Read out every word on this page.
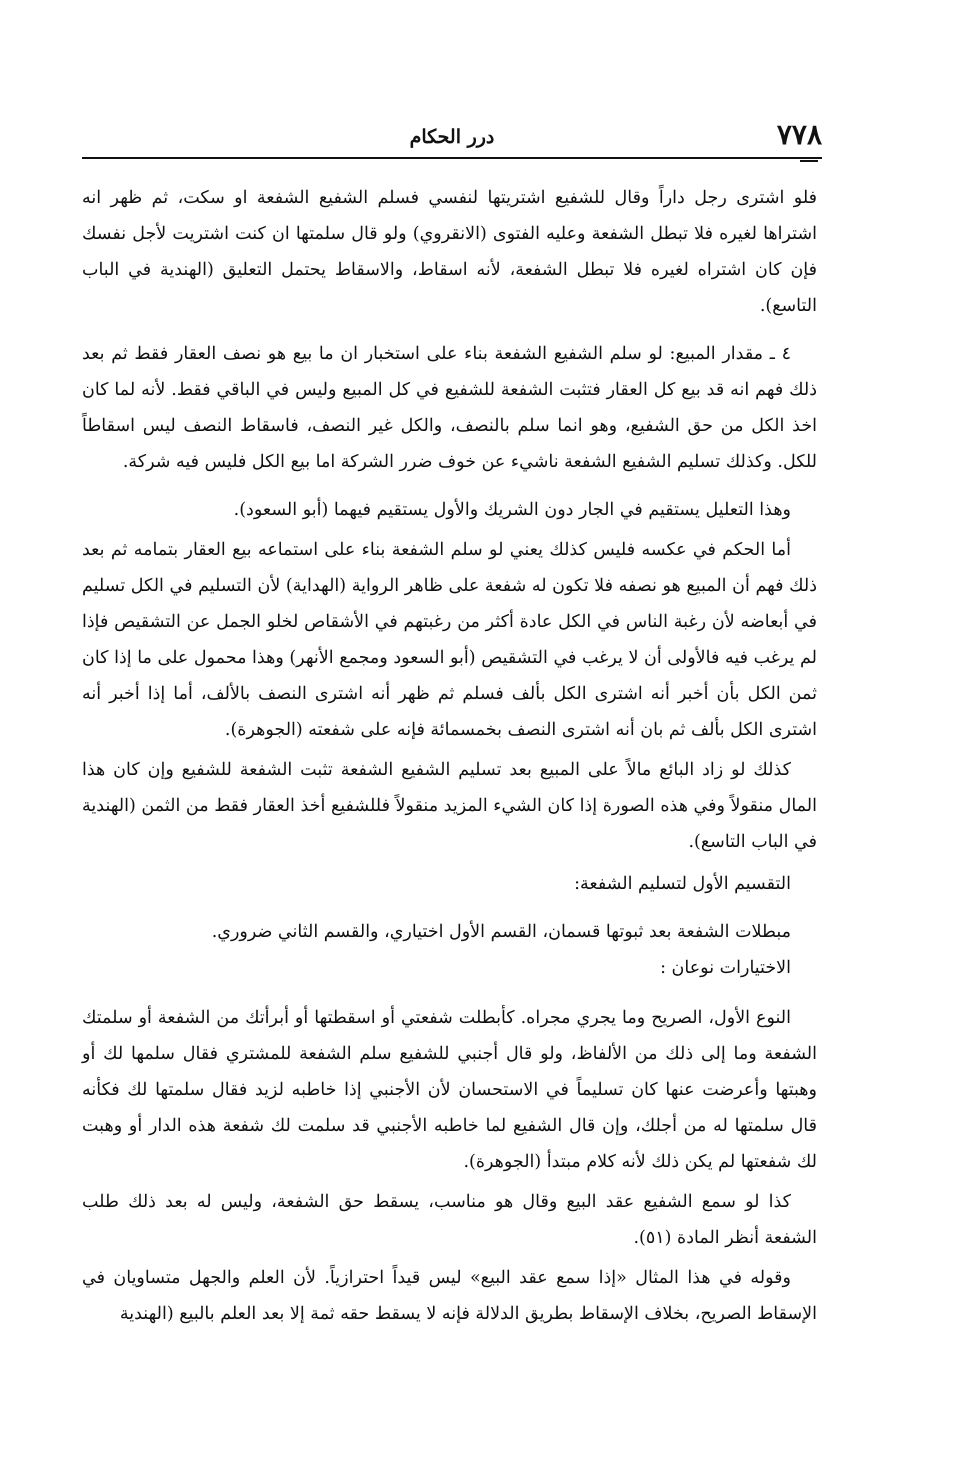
٧٧٨
درر الحكام

فلو اشترى رجل داراً وقال للشفيع اشتريتها لنفسي فسلم الشفيع الشفعة او سكت، ثم ظهر انه اشتراها لغيره فلا تبطل الشفعة وعليه الفتوى (الانقروي) ولو قال سلمتها ان كنت اشتريت لأجل نفسك فإن كان اشتراه لغيره فلا تبطل الشفعة، لأنه اسقاط، والاسقاط يحتمل التعليق (الهندية في الباب التاسع).

٤ ـ مقدار المبيع: لو سلم الشفيع الشفعة بناء على استخبار ان ما بيع هو نصف العقار فقط ثم بعد ذلك فهم انه قد بيع كل العقار فتثبت الشفعة للشفيع في كل المبيع وليس في الباقي فقط. لأنه لما كان اخذ الكل من حق الشفيع، وهو انما سلم بالنصف، والكل غير النصف، فاسقاط النصف ليس اسقاطاً للكل. وكذلك تسليم الشفيع الشفعة ناشيء عن خوف ضرر الشركة اما بيع الكل فليس فيه شركة.

وهذا التعليل يستقيم في الجار دون الشريك والأول يستقيم فيهما (أبو السعود).

أما الحكم في عكسه فليس كذلك يعني لو سلم الشفعة بناء على استماعه بيع العقار بتمامه ثم بعد ذلك فهم أن المبيع هو نصفه فلا تكون له شفعة على ظاهر الرواية (الهداية) لأن التسليم في الكل تسليم في أبعاضه لأن رغبة الناس في الكل عادة أكثر من رغبتهم في الأشقاص لخلو الجمل عن التشقيص فإذا لم يرغب فيه فالأولى أن لا يرغب في التشقيص (أبو السعود ومجمع الأنهر) وهذا محمول على ما إذا كان ثمن الكل بأن أخبر أنه اشترى الكل بألف فسلم ثم ظهر أنه اشترى النصف بالألف، أما إذا أخبر أنه اشترى الكل بألف ثم بان أنه اشترى النصف بخمسمائة فإنه على شفعته (الجوهرة).

كذلك لو زاد البائع مالاً على المبيع بعد تسليم الشفيع الشفعة تثبت الشفعة للشفيع وإن كان هذا المال منقولاً وفي هذه الصورة إذا كان الشيء المزيد منقولاً فللشفيع أخذ العقار فقط من الثمن (الهندية في الباب التاسع).

التقسيم الأول لتسليم الشفعة:

مبطلات الشفعة بعد ثبوتها قسمان، القسم الأول اختياري، والقسم الثاني ضروري.

الاختيارات نوعان :

النوع الأول، الصريح وما يجري مجراه. كأبطلت شفعتي أو اسقطتها أو أبرأتك من الشفعة أو سلمتك الشفعة وما إلى ذلك من الألفاظ، ولو قال أجنبي للشفيع سلم الشفعة للمشتري فقال سلمها لك أو وهبتها وأعرضت عنها كان تسليماً في الاستحسان لأن الأجنبي إذا خاطبه لزيد فقال سلمتها لك فكأنه قال سلمتها له من أجلك، وإن قال الشفيع لما خاطبه الأجنبي قد سلمت لك شفعة هذه الدار أو وهبت لك شفعتها لم يكن ذلك لأنه كلام مبتدأ (الجوهرة).

كذا لو سمع الشفيع عقد البيع وقال هو مناسب، يسقط حق الشفعة، وليس له بعد ذلك طلب الشفعة أنظر المادة (٥١).

وقوله في هذا المثال «إذا سمع عقد البيع» ليس قيداً احترازياً. لأن العلم والجهل متساويان في الإسقاط الصريح، بخلاف الإسقاط بطريق الدلالة فإنه لا يسقط حقه ثمة إلا بعد العلم بالبيع (الهندية
